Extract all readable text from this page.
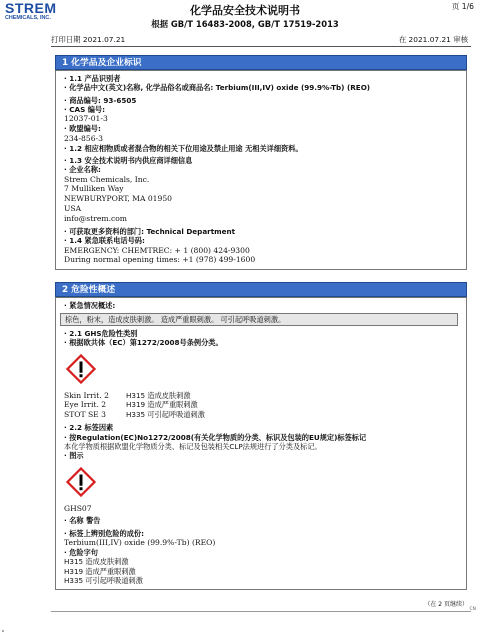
STREM
CHEMICALS, INC.
化学品安全技术说明书
根据 GB/T 16483-2008, GB/T 17519-2013
页 1/6
打印日期 2021.07.21	在 2021.07.21 审核
1 化学品及企业标识

· 1.1 产品识别者

· 化学品中文(英文)名称, 化学品俗名或商品名: Terbium(III,IV) oxide (99.9%-Tb) (REO)

· 商品编号: 93-6505

· CAS 编号:

12037-01-3

· 欧盟编号:

234-856-3

· 1.2 相应相物质或者混合物的相关下位用途及禁止用途 无相关详细资料。

· 1.3 安全技术说明书内供应商详细信息

· 企业名称:

Strem Chemicals, Inc.

7 Mulliken Way

NEWBURYPORT, MA 01950

USA

info@strem.com

· 可获取更多资料的部门: Technical Department

· 1.4 紧急联系电话号码:

EMERGENCY: CHEMTREC: + 1 (800) 424-9300

During normal opening times: +1 (978) 499-1600

2 危险性概述

· 紧急情况概述:

棕色，粉末，造成皮肤刺激。 造成严重眼刺激。 可引起呼吸道刺激。

· 2.1 GHS危险性类别

· 根据欧共体（EC）第1272/2008号条例分类。

Skin Irrit. 2	H315 造成皮肤刺激

Eye Irrit. 2	H319 造成严重眼刺激

STOT SE 3	H335 可引起呼吸道刺激

· 2.2 标签因素

· 按Regulation(EC)No1272/2008(有关化学物质的分类、标识及包装的EU规定)标签标记

本化学物质根据欧盟化学物质分类、标记及包装相关CLP法规进行了分类及标记。

· 图示

GHS07

· 名称 警告

· 标签上辨别危险的成份:

Terbium(III,IV) oxide (99.9%-Tb) (REO)

· 危险字句

H315 造成皮肤刺激

H319 造成严重眼刺激

H335 可引起呼吸道刺激

（在 2 页继续）
CN
